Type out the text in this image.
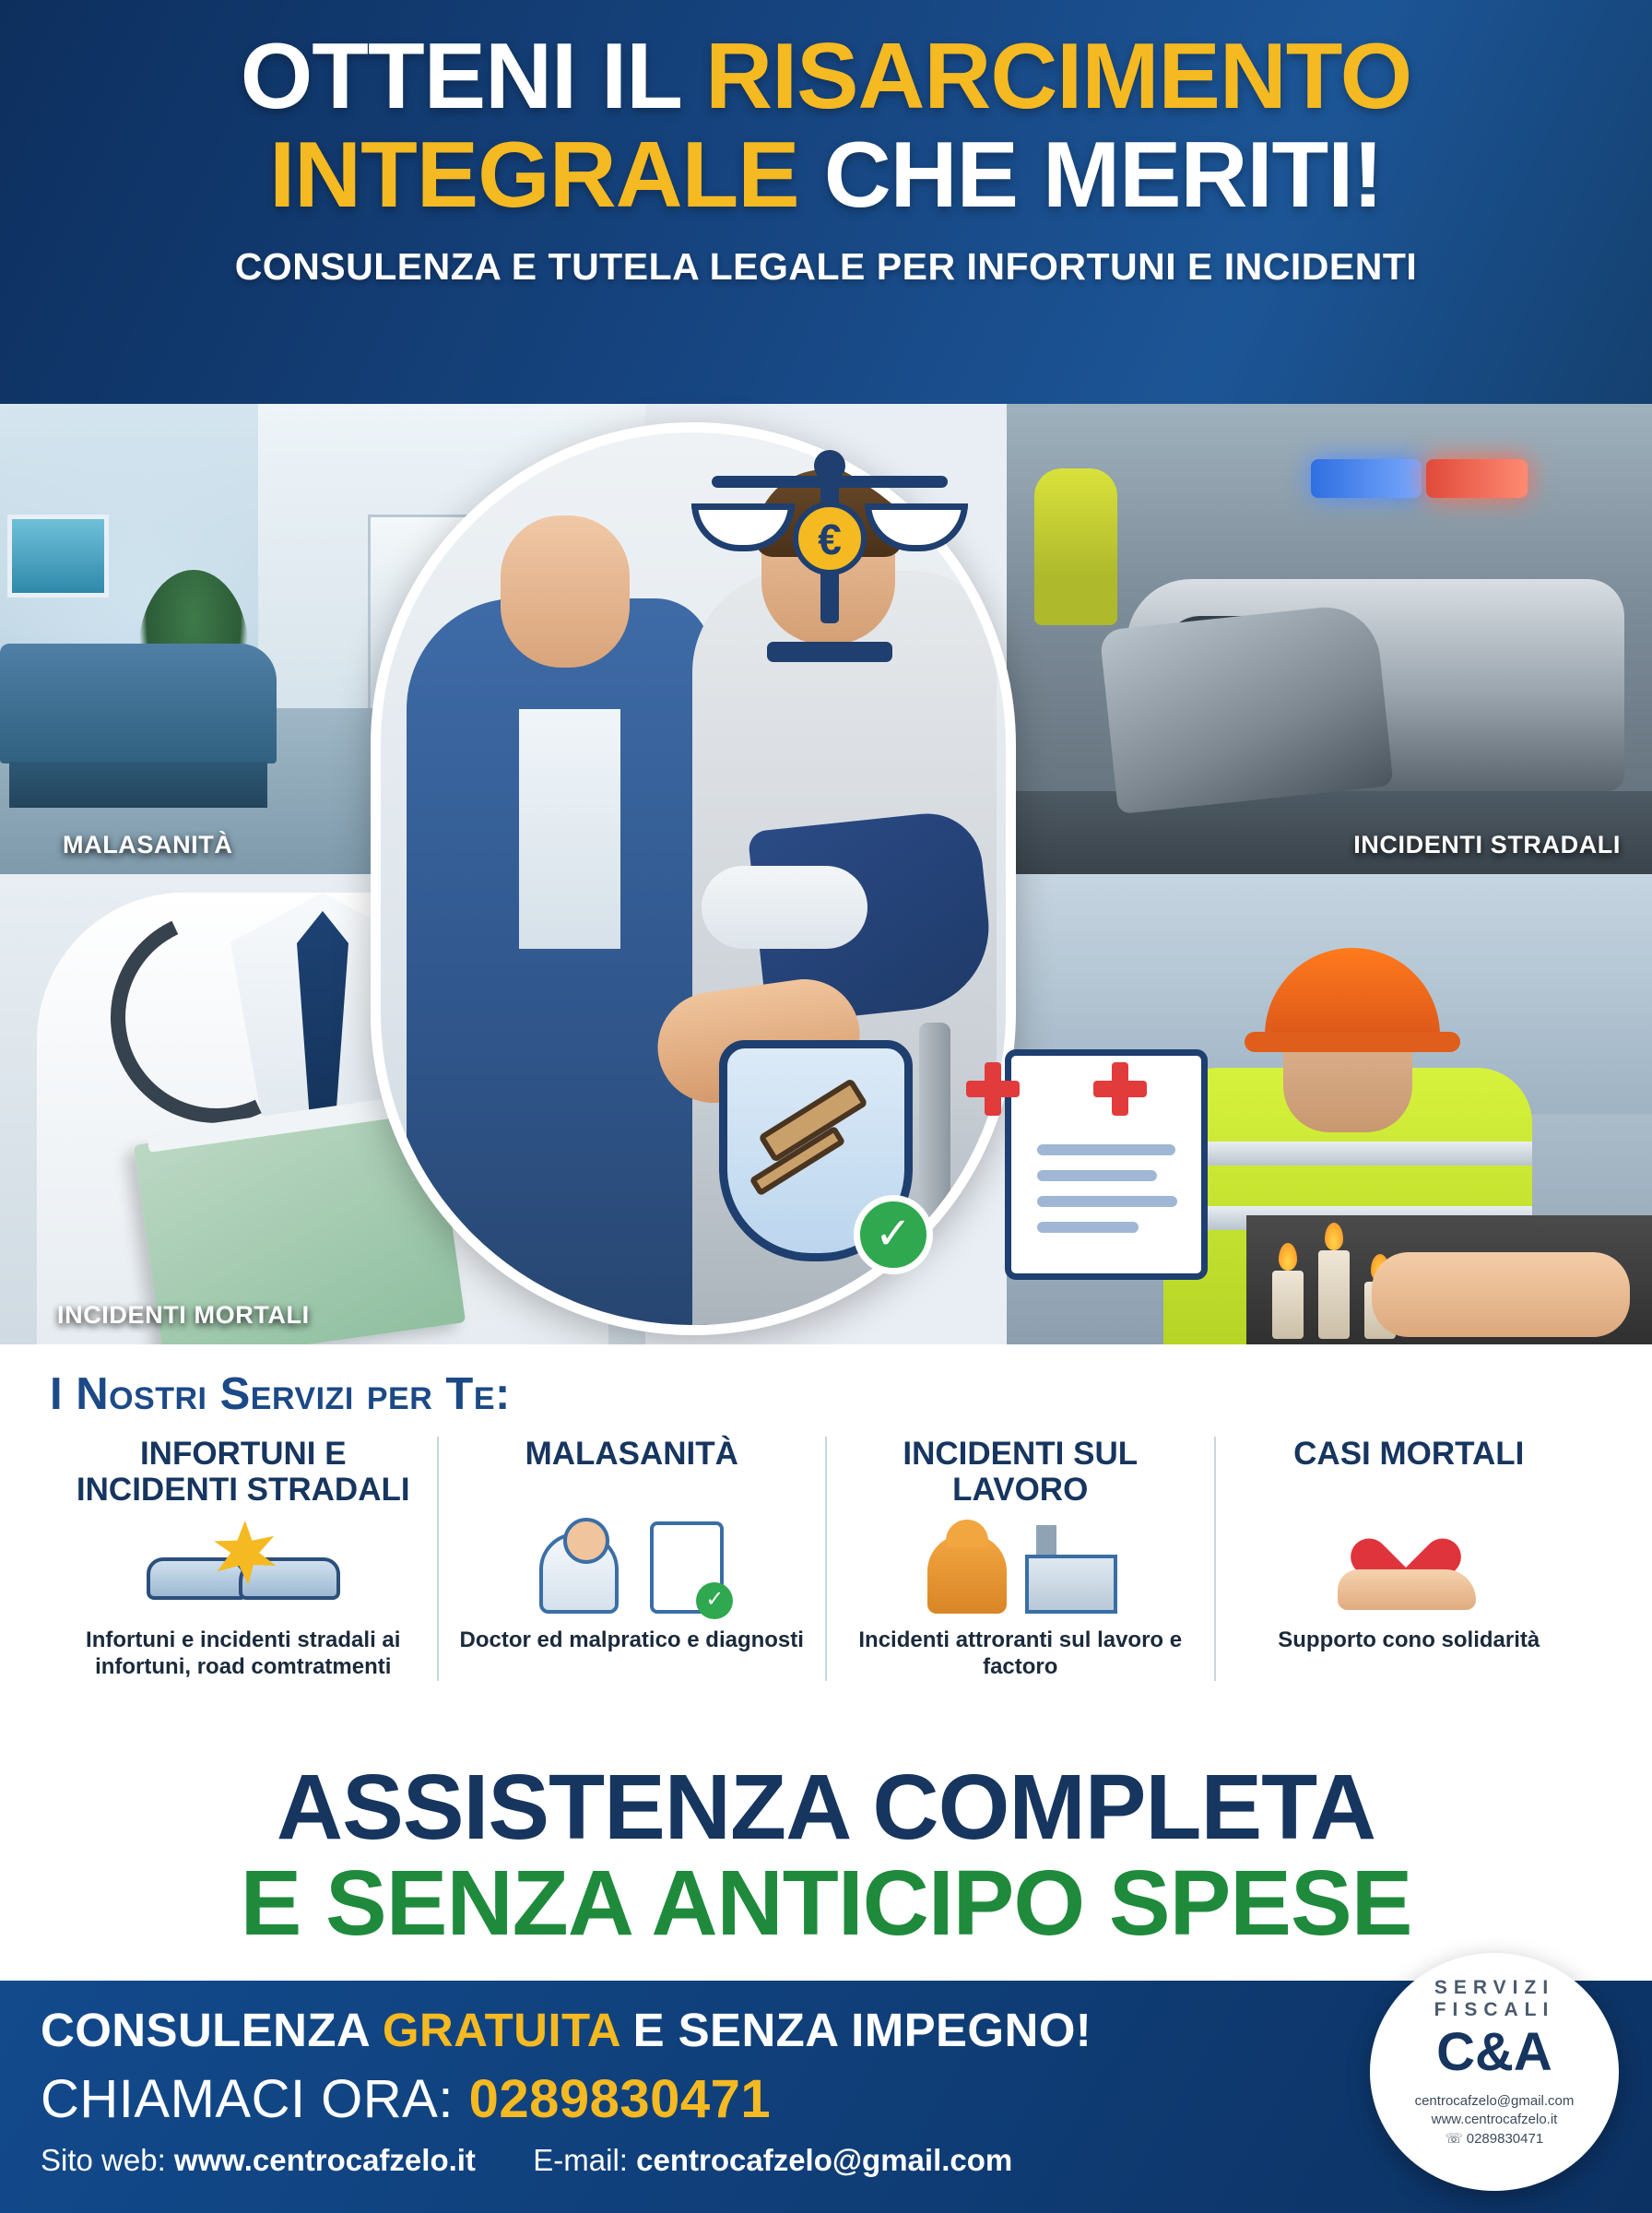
OTTENI IL RISARCIMENTO
INTEGRALE CHE MERITI!
CONSULENZA E TUTELA LEGALE PER INFORTUNI E INCIDENTI
MALASANITÀ	INCIDENTI STRADALI
INCIDENTI MORTALI
€
✓
I Nostri Servizi per Te:
INFORTUNI E INCIDENTI STRADALI
Infortuni e incidenti stradali ai infortuni, road comtratmenti
MALASANITÀ
✓
Doctor ed malpratico e diagnosti
INCIDENTI SUL LAVORO
Incidenti attroranti sul lavoro e factoro
CASI MORTALI
Supporto cono solidarità
ASSISTENZA COMPLETA
E SENZA ANTICIPO SPESE
CONSULENZA GRATUITA E SENZA IMPEGNO!
CHIAMACI ORA: 0289830471
Sito web: www.centrocafzelo.it E-mail: centrocafzelo@gmail.com
SERVIZI FISCALI
C&A
centrocafzelo@gmail.com
www.centrocafzelo.it
☏ 0289830471
